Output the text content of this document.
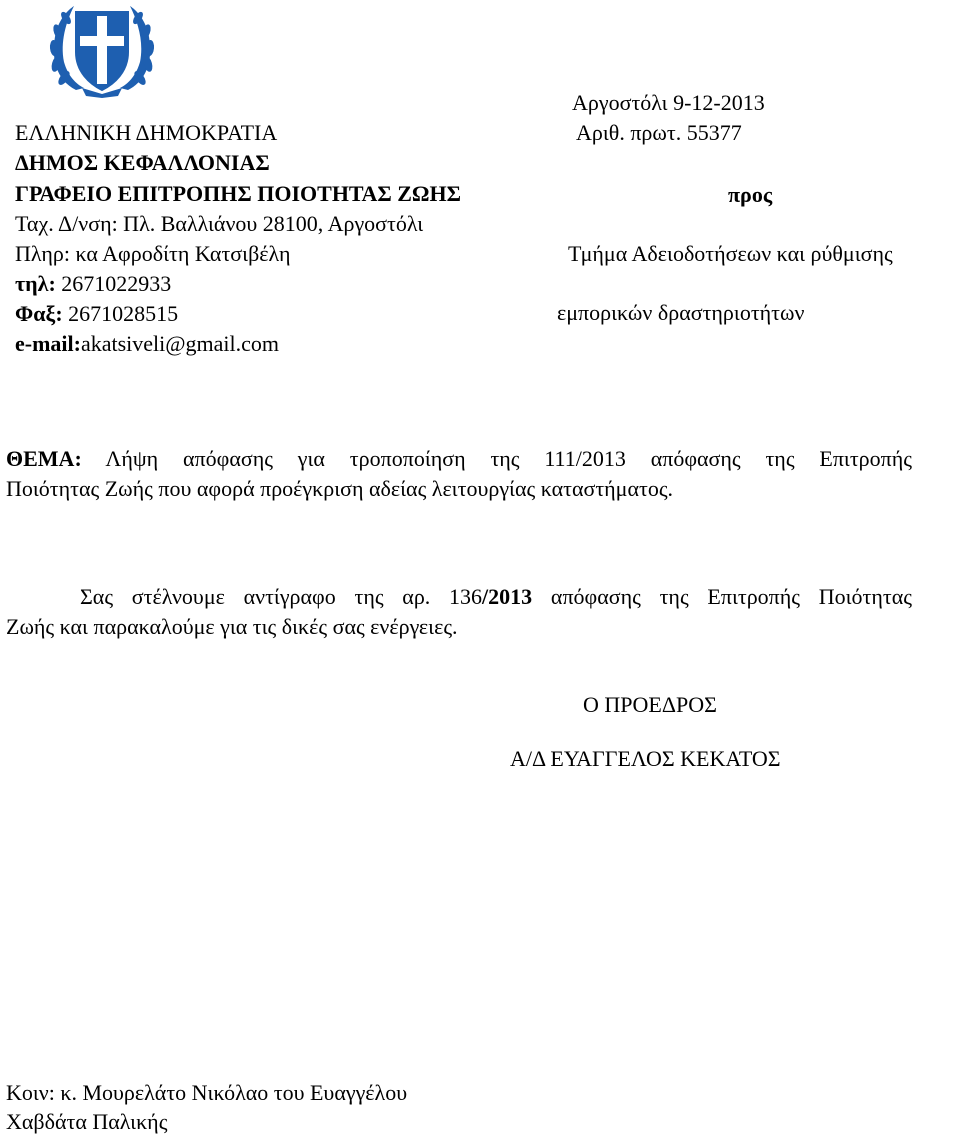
Αργοστόλι 9-12-2013
Αριθ. πρωτ. 55377
προς
Τμήμα Αδειοδοτήσεων και ρύθμισης
εμπορικών δραστηριοτήτων
ΕΛΛΗΝΙΚΗ ΔΗΜΟΚΡΑΤΙΑ
ΔΗΜΟΣ ΚΕΦΑΛΛΟΝΙΑΣ
ΓΡΑΦΕΙΟ ΕΠΙΤΡΟΠΗΣ ΠΟΙΟΤΗΤΑΣ ΖΩΗΣ
Ταχ. Δ/νση: Πλ. Βαλλιάνου 28100, Αργοστόλι
Πληρ: κα Αφροδίτη Κατσιβέλη
τηλ: 2671022933
Φαξ: 2671028515
e-mail:akatsiveli@gmail.com
ΘΕΜΑ: Λήψη απόφασης για τροποποίηση της 111/2013 απόφασης της Επιτροπής
Ποιότητας Ζωής που αφορά προέγκριση αδείας λειτουργίας καταστήματος.
Σας στέλνουμε αντίγραφο της αρ. 136/2013 απόφασης της Επιτροπής Ποιότητας
Ζωής και παρακαλούμε για τις δικές σας ενέργειες.
Ο ΠΡΟΕΔΡΟΣ
Α/Δ ΕΥΑΓΓΕΛΟΣ ΚΕΚΑΤΟΣ
Κοιν: κ. Μουρελάτο Νικόλαο του Ευαγγέλου
Χαβδάτα Παλικής
